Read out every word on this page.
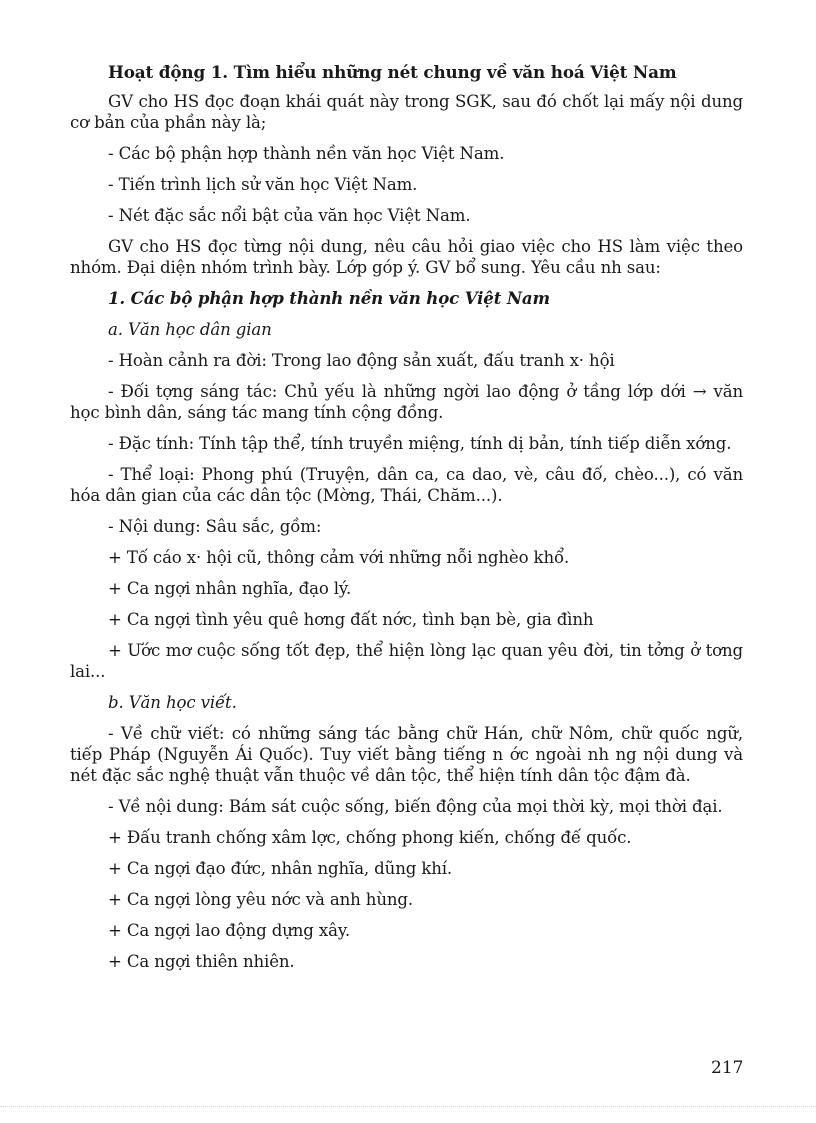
Hoạt động 1. Tìm hiểu những nét chung về văn hoá Việt Nam

GV cho HS đọc đoạn khái quát này trong SGK, sau đó chốt lại mấy nội dung cơ bản của phần này là;

- Các bộ phận hợp thành nền văn học Việt Nam.

- Tiến trình lịch sử văn học Việt Nam.

- Nét đặc sắc nổi bật của văn học Việt Nam.

GV cho HS đọc từng nội dung, nêu câu hỏi giao việc cho HS làm việc theo nhóm. Đại diện nhóm trình bày. Lớp góp ý. GV bổ sung. Yêu cầu nh sau:

1. Các bộ phận hợp thành nền văn học Việt Nam

a. Văn học dân gian

- Hoàn cảnh ra đời: Trong lao động sản xuất, đấu tranh x· hội

- Đối tợng sáng tác: Chủ yếu là những ngời lao động ở tầng lớp dới → văn học bình dân, sáng tác mang tính cộng đồng.

- Đặc tính: Tính tập thể, tính truyền miệng, tính dị bản, tính tiếp diễn xớng.

- Thể loại: Phong phú (Truyện, dân ca, ca dao, vè, câu đố, chèo...), có văn hóa dân gian của các dân tộc (Mờng, Thái, Chăm...).

- Nội dung: Sâu sắc, gồm:

+ Tố cáo x· hội cũ, thông cảm với những nỗi nghèo khổ.

+ Ca ngợi nhân nghĩa, đạo lý.

+ Ca ngợi tình yêu quê hơng đất nớc, tình bạn bè, gia đình

+ Ước mơ cuộc sống tốt đẹp, thể hiện lòng lạc quan yêu đời, tin tởng ở tơng lai...

b. Văn học viết.

- Về chữ viết: có những sáng tác bằng chữ Hán, chữ Nôm, chữ quốc ngữ, tiếp Pháp (Nguyễn Ái Quốc). Tuy viết bằng tiếng n ớc ngoài nh ng nội dung và nét đặc sắc nghệ thuật vẫn thuộc về dân tộc, thể hiện tính dân tộc đậm đà.

- Về nội dung: Bám sát cuộc sống, biến động của mọi thời kỳ, mọi thời đại.

+ Đấu tranh chống xâm lợc, chống phong kiến, chống đế quốc.

+ Ca ngợi đạo đức, nhân nghĩa, dũng khí.

+ Ca ngợi lòng yêu nớc và anh hùng.

+ Ca ngợi lao động dựng xây.

+ Ca ngợi thiên nhiên.

217
